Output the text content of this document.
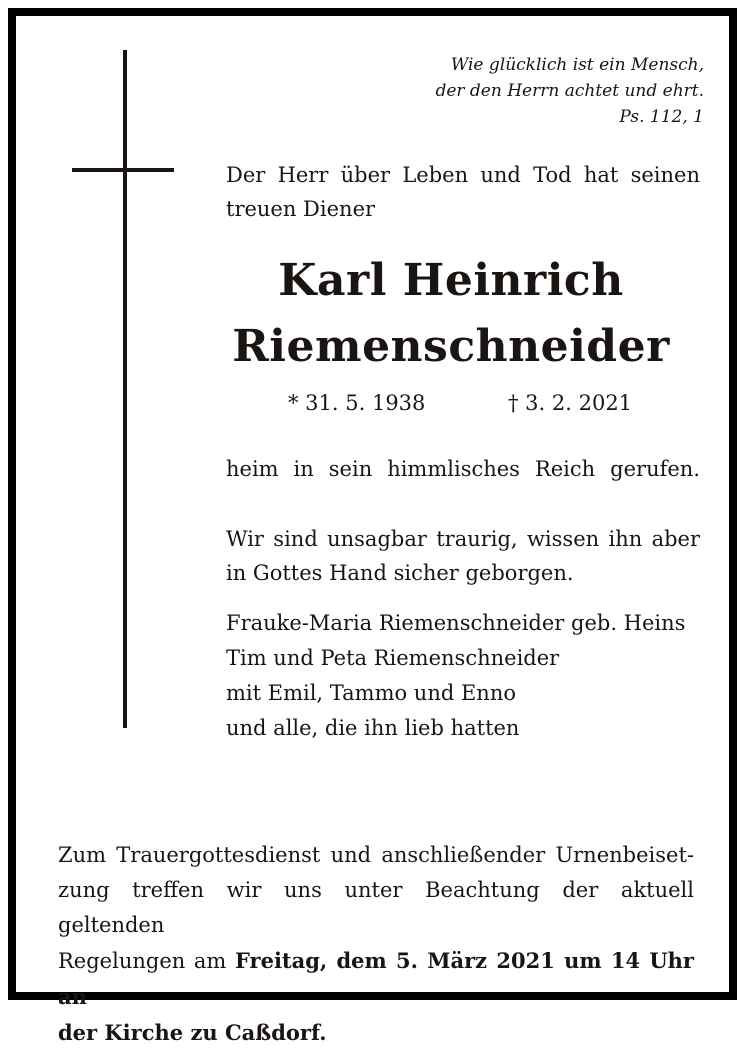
Wie glücklich ist ein Mensch,
der den Herrn achtet und ehrt.
Ps. 112, 1
Der Herr über Leben und Tod hat seinen
treuen Diener
Karl Heinrich
Riemenschneider
* 31. 5. 1938	† 3. 2. 2021
heim in sein himmlisches Reich gerufen.
Wir sind unsagbar traurig, wissen ihn aber
in Gottes Hand sicher geborgen.
Frauke-Maria Riemenschneider geb. Heins
Tim und Peta Riemenschneider
mit Emil, Tammo und Enno
und alle, die ihn lieb hatten
Zum Trauergottesdienst und anschließender Urnenbeiset-
zung treffen wir uns unter Beachtung der aktuell geltenden
Regelungen am Freitag, dem 5. März 2021 um 14 Uhr an
der Kirche zu Caßdorf.
